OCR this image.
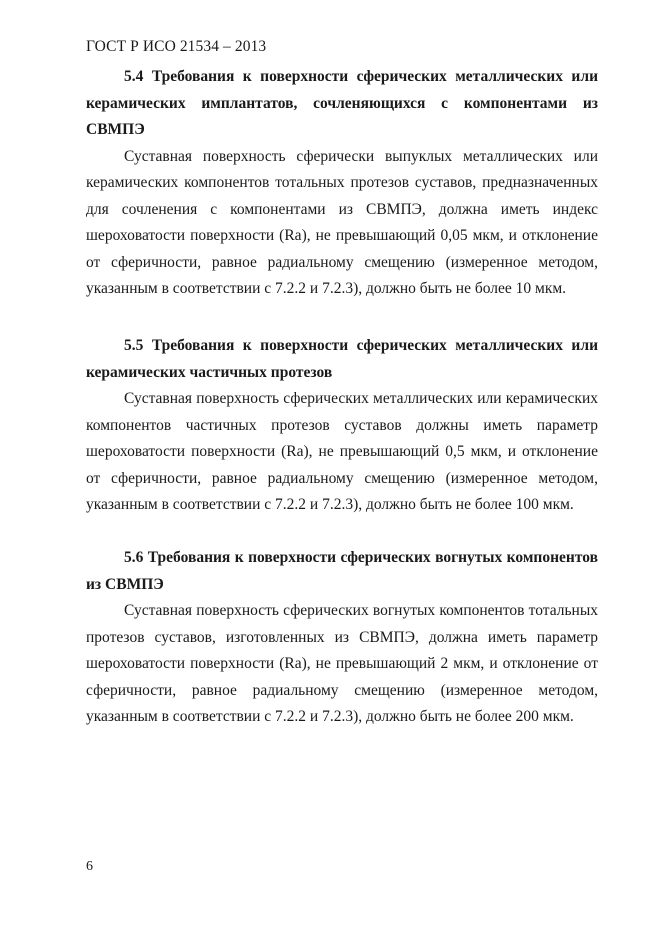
ГОСТ Р ИСО 21534 – 2013

5.4 Требования к поверхности сферических металлических или керамических имплантатов, сочленяющихся с компонентами из СВМПЭ

Суставная поверхность сферически выпуклых металлических или керамических компонентов тотальных протезов суставов, предназначенных для сочленения с компонентами из СВМПЭ, должна иметь индекс шероховатости поверхности (Ra), не превышающий 0,05 мкм, и отклонение от сферичности, равное радиальному смещению (измеренное методом, указанным в соответствии с 7.2.2 и 7.2.3), должно быть не более 10 мкм.

5.5 Требования к поверхности сферических металлических или керамических частичных протезов

Суставная поверхность сферических металлических или керамических компонентов частичных протезов суставов должны иметь параметр шероховатости поверхности (Ra), не превышающий 0,5 мкм, и отклонение от сферичности, равное радиальному смещению (измеренное методом, указанным в соответствии с 7.2.2 и 7.2.3), должно быть не более 100 мкм.

5.6 Требования к поверхности сферических вогнутых компонентов из СВМПЭ

Суставная поверхность сферических вогнутых компонентов тотальных протезов суставов, изготовленных из СВМПЭ, должна иметь параметр шероховатости поверхности (Ra), не превышающий 2 мкм, и отклонение от сферичности, равное радиальному смещению (измеренное методом, указанным в соответствии с 7.2.2 и 7.2.3), должно быть не более 200 мкм.

6
